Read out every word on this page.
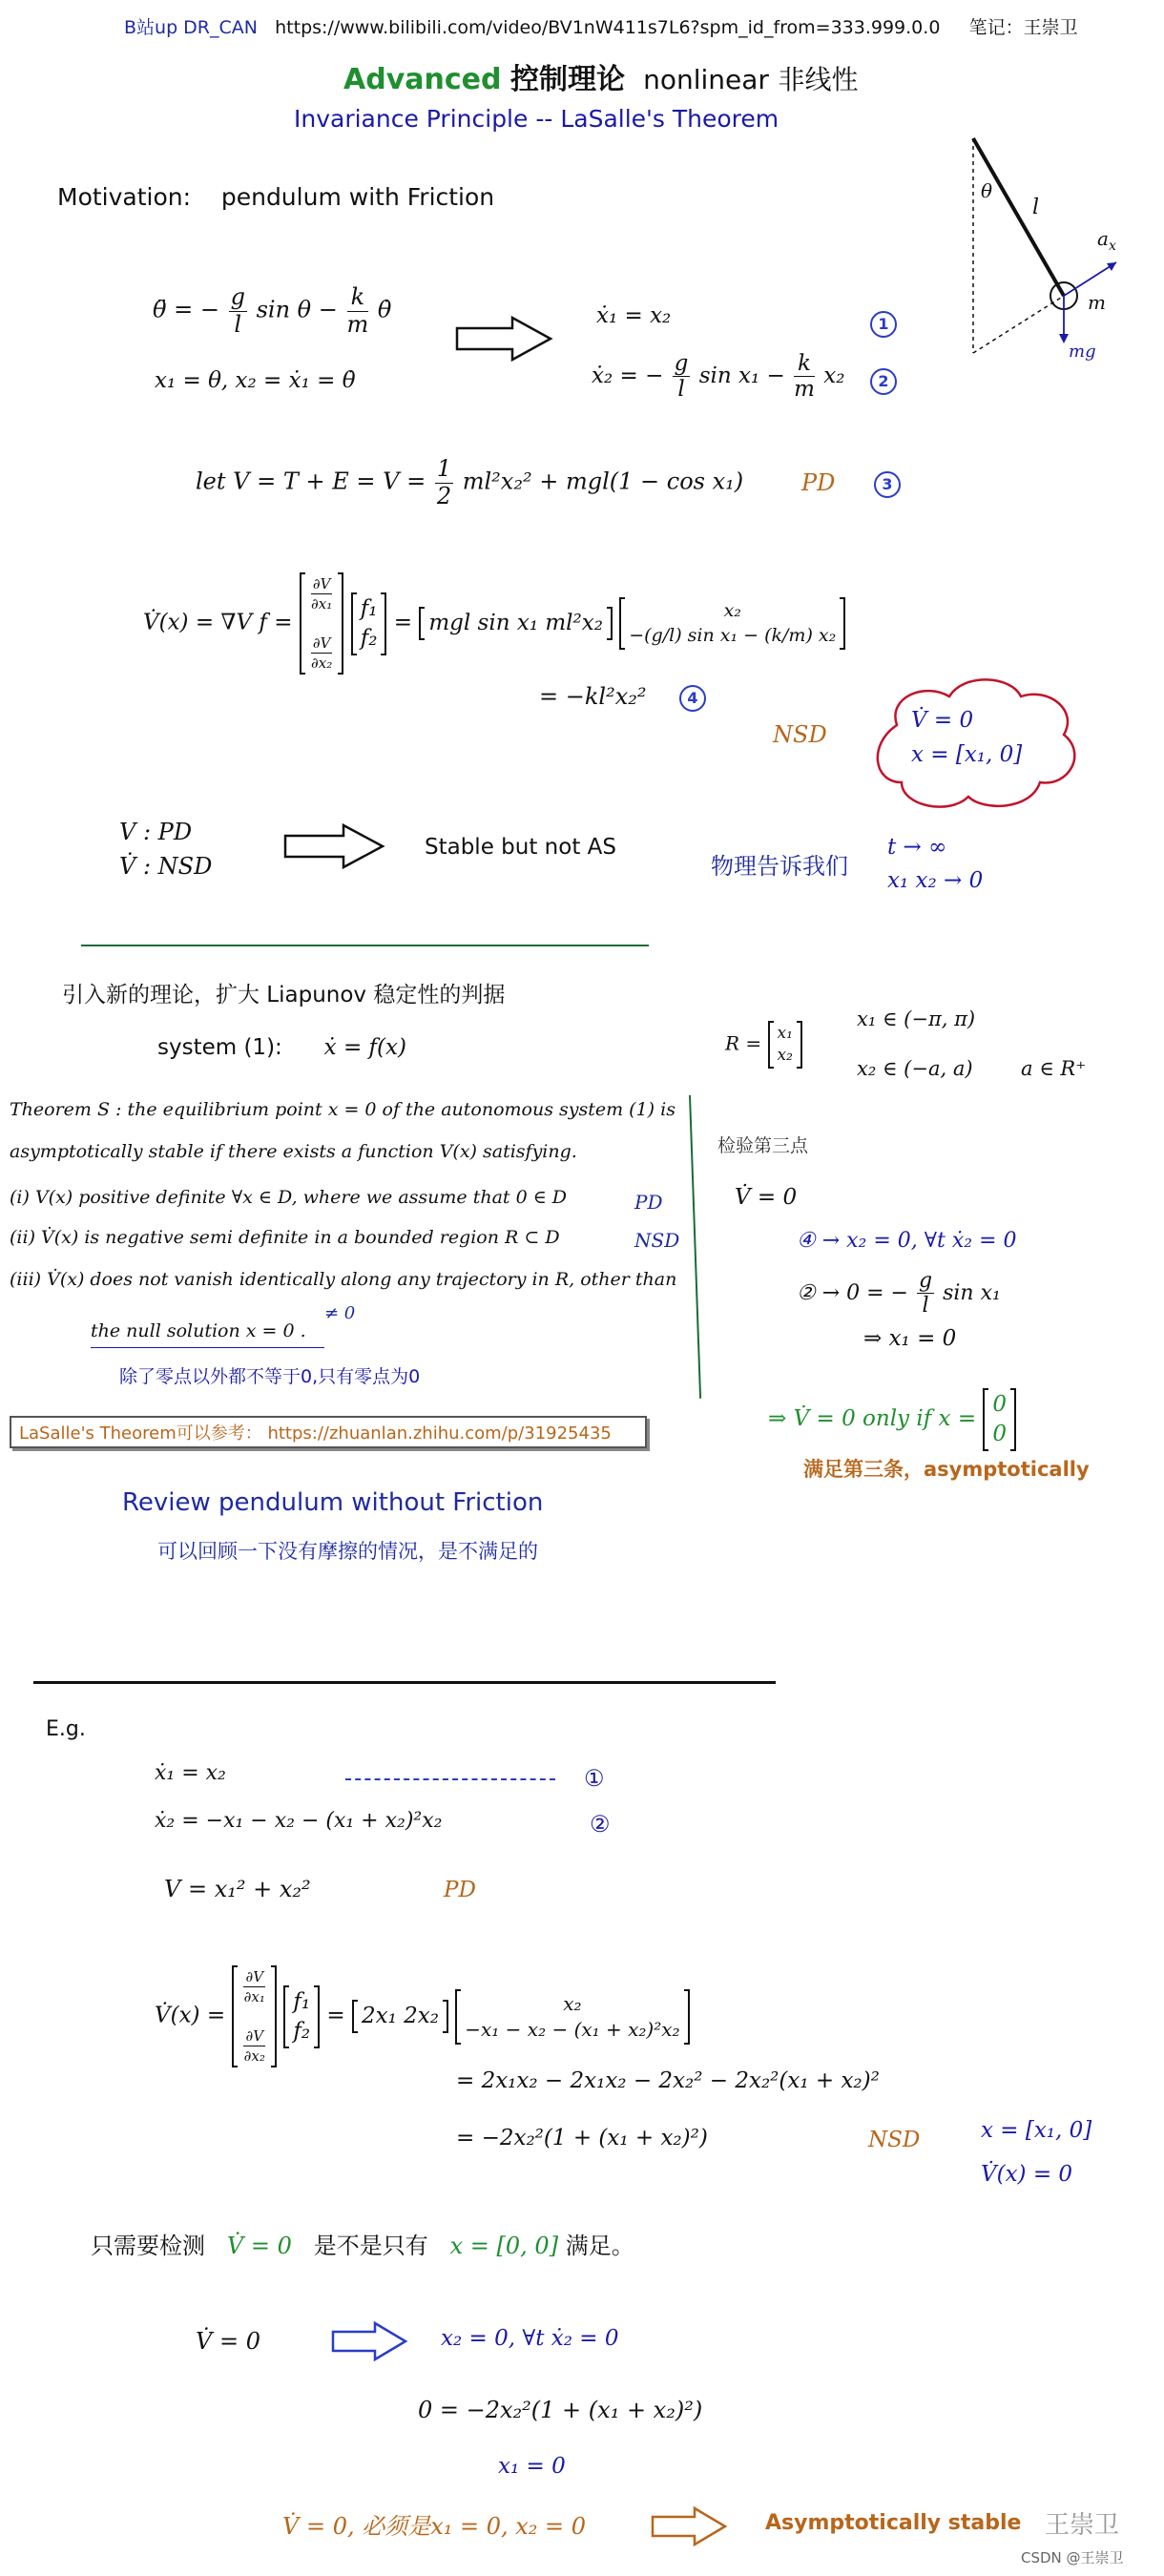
B站up DR_CAN https://www.bilibili.com/video/BV1nW411s7L6?spm_id_from=333.999.0.0 笔记：王崇卫
Advanced 控制理论 nonlinear 非线性
Invariance Principle -- LaSalle's Theorem
Motivation: pendulum with Friction	θ
l
$a_x$
m
mg
θ̈ = − $\frac{g}{l}$ $\sin \theta - \frac{k}{m}$ θ̇
x₁ = θ, x₂ = ẋ₁ = θ̇
ẋ₁ = x₂	1
ẋ₂ = − $\frac{g}{l}$ $\sin x_1 - \frac{k}{m} x_2$	2
let $V = T + E = V = \frac{1}{2} ml^2x_2^2 + mgl(1 - \cos x_1)$	PD	3
V̇(x) = ∇V f =
∂V
∂x₁

∂V
∂x₂

f₁
f₂
= mgl sin x₁ ml²x₂

x₂
−(g/l) sin x₁ − (k/m) x₂
= −kl²x₂²	4
NSD
V̇ = 0
x = [x₁, 0]
V : PD
V̇ : NSD
Stable but not AS
物理告诉我们
t → ∞
x₁ x₂ → 0
引入新的理论，扩大 Liapunov 稳定性的判据
system (1): ẋ = f(x)	R = x₁
x₂
x₁ ∈ (−π, π)
x₂ ∈ (−a, a) a ∈ R⁺
Theorem S : the equilibrium point x = 0 of the autonomous system (1) is
asymptotically stable if there exists a function V(x) satisfying.
(i) V(x) positive definite ∀x ∈ D, where we assume that 0 ∈ D	PD
(ii) V̇(x) is negative semi definite in a bounded region R ⊂ D	NSD
(iii) V̇(x) does not vanish identically along any trajectory in R, other than
the null solution x = 0 .
≠ 0
除了零点以外都不等于0,只有零点为0
LaSalle's Theorem可以参考： https://zhuanlan.zhihu.com/p/31925435
Review pendulum without Friction
可以回顾一下没有摩擦的情况，是不满足的
检验第三点
V̇ = 0
④ → x₂ = 0, ∀t ẋ₂ = 0
② → 0 = − $\frac{g}{l}$ sin x₁
⇒ x₁ = 0
⇒ V̇ = 0 only if x =
0
0
满足第三条，asymptotically
E.g.
ẋ₁ = x₂	①
ẋ₂ = −x₁ − x₂ − (x₁ + x₂)²x₂	②
V = x₁² + x₂²	PD
V̇(x) =
∂V
∂x₁

∂V
∂x₂

f₁
f₂
= 2x₁ 2x₂

x₂
−x₁ − x₂ − (x₁ + x₂)²x₂
= 2x₁x₂ − 2x₁x₂ − 2x₂² − 2x₂²(x₁ + x₂)²
= −2x₂²(1 + (x₁ + x₂)²)	NSD	x = [x₁, 0]
V̇(x) = 0
只需要检测 V̇ = 0 是不是只有 x = [0, 0] 满足。
V̇ = 0	x₂ = 0, ∀t ẋ₂ = 0
0 = −2x₂²(1 + (x₁ + x₂)²)
x₁ = 0
V̇ = 0, 必须是x₁ = 0, x₂ = 0	Asymptotically stable 王崇卫
CSDN @王崇卫
